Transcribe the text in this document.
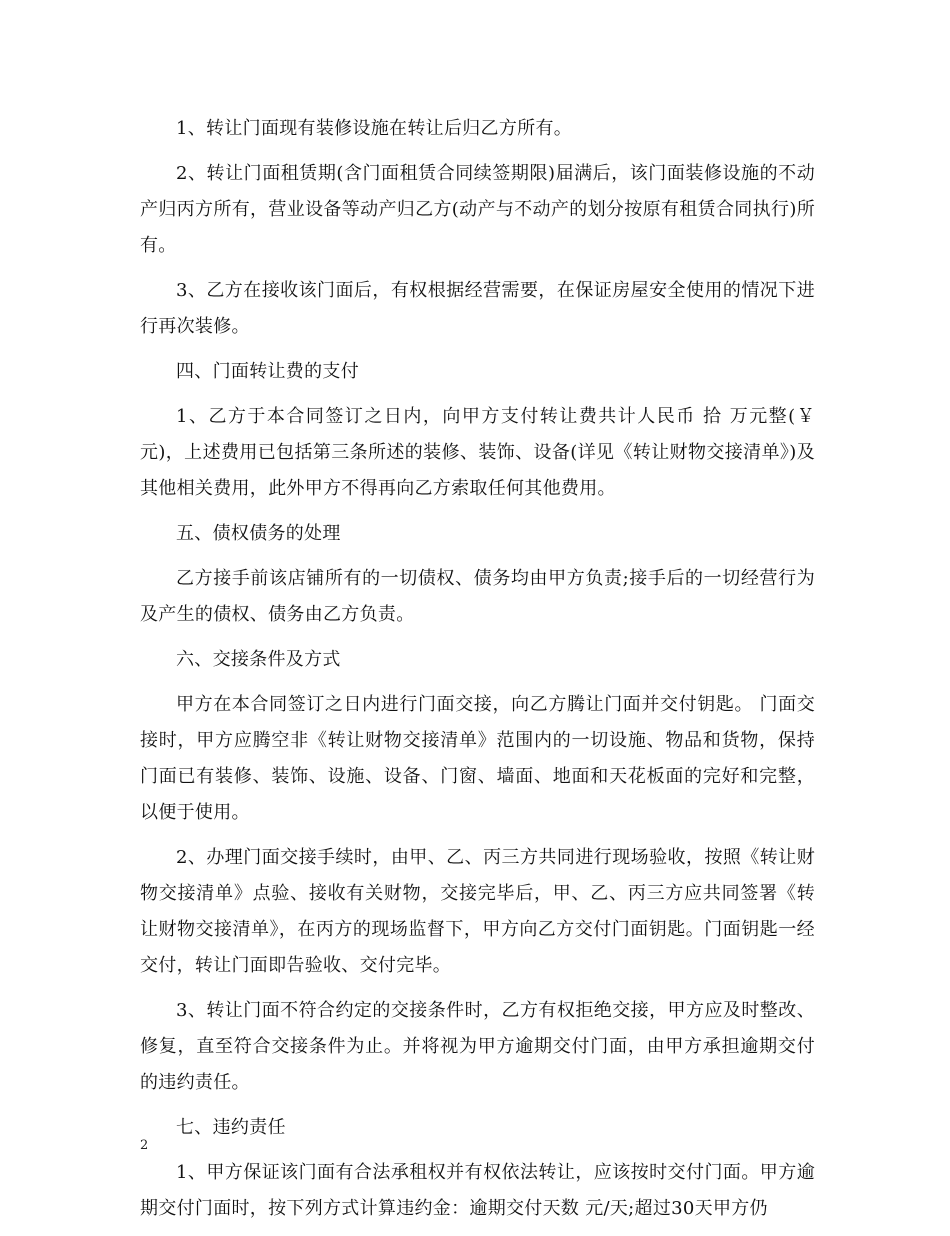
1、转让门面现有装修设施在转让后归乙方所有。

2、转让门面租赁期(含门面租赁合同续签期限)届满后，该门面装修设施的不动产归丙方所有，营业设备等动产归乙方(动产与不动产的划分按原有租赁合同执行)所有。

3、乙方在接收该门面后，有权根据经营需要，在保证房屋安全使用的情况下进行再次装修。

四、门面转让费的支付

1、乙方于本合同签订之日内，向甲方支付转让费共计人民币 拾 万元整(￥ 元)，上述费用已包括第三条所述的装修、装饰、设备(详见《转让财物交接清单》)及其他相关费用，此外甲方不得再向乙方索取任何其他费用。

五、债权债务的处理

乙方接手前该店铺所有的一切债权、债务均由甲方负责;接手后的一切经营行为及产生的债权、债务由乙方负责。

六、交接条件及方式

甲方在本合同签订之日内进行门面交接，向乙方腾让门面并交付钥匙。 门面交接时，甲方应腾空非《转让财物交接清单》范围内的一切设施、物品和货物，保持门面已有装修、装饰、设施、设备、门窗、墙面、地面和天花板面的完好和完整，以便于使用。

2、办理门面交接手续时，由甲、乙、丙三方共同进行现场验收，按照《转让财物交接清单》点验、接收有关财物，交接完毕后，甲、乙、丙三方应共同签署《转让财物交接清单》，在丙方的现场监督下，甲方向乙方交付门面钥匙。门面钥匙一经交付，转让门面即告验收、交付完毕。

3、转让门面不符合约定的交接条件时，乙方有权拒绝交接，甲方应及时整改、修复，直至符合交接条件为止。并将视为甲方逾期交付门面，由甲方承担逾期交付的违约责任。

七、违约责任

1、甲方保证该门面有合法承租权并有权依法转让，应该按时交付门面。甲方逾期交付门面时，按下列方式计算违约金：逾期交付天数 元/天;超过30天甲方仍

2
